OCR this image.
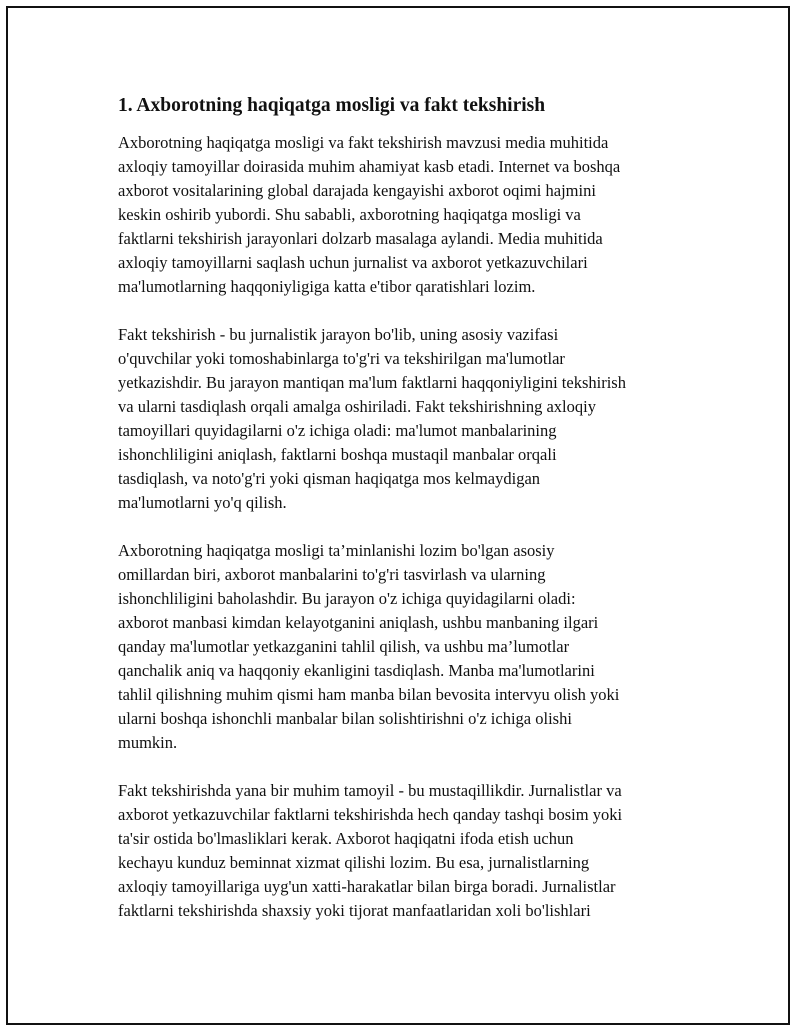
1. Axborotning haqiqatga mosligi va fakt tekshirish
Axborotning haqiqatga mosligi va fakt tekshirish mavzusi media muhitida
axloqiy tamoyillar doirasida muhim ahamiyat kasb etadi. Internet va boshqa
axborot vositalarining global darajada kengayishi axborot oqimi hajmini
keskin oshirib yubordi. Shu sababli, axborotning haqiqatga mosligi va
faktlarni tekshirish jarayonlari dolzarb masalaga aylandi. Media muhitida
axloqiy tamoyillarni saqlash uchun jurnalist va axborot yetkazuvchilari
ma'lumotlarning haqqoniyligiga katta e'tibor qaratishlari lozim.
Fakt tekshirish - bu jurnalistik jarayon bo'lib, uning asosiy vazifasi
o'quvchilar yoki tomoshabinlarga to'g'ri va tekshirilgan ma'lumotlar
yetkazishdir. Bu jarayon mantiqan ma'lum faktlarni haqqoniyligini tekshirish
va ularni tasdiqlash orqali amalga oshiriladi. Fakt tekshirishning axloqiy
tamoyillari quyidagilarni o'z ichiga oladi: ma'lumot manbalarining
ishonchliligini aniqlash, faktlarni boshqa mustaqil manbalar orqali
tasdiqlash, va noto'g'ri yoki qisman haqiqatga mos kelmaydigan
ma'lumotlarni yo'q qilish.
Axborotning haqiqatga mosligi ta’minlanishi lozim bo'lgan asosiy
omillardan biri, axborot manbalarini to'g'ri tasvirlash va ularning
ishonchliligini baholashdir. Bu jarayon o'z ichiga quyidagilarni oladi:
axborot manbasi kimdan kelayotganini aniqlash, ushbu manbaning ilgari
qanday ma'lumotlar yetkazganini tahlil qilish, va ushbu ma’lumotlar
qanchalik aniq va haqqoniy ekanligini tasdiqlash. Manba ma'lumotlarini
tahlil qilishning muhim qismi ham manba bilan bevosita intervyu olish yoki
ularni boshqa ishonchli manbalar bilan solishtirishni o'z ichiga olishi
mumkin.
Fakt tekshirishda yana bir muhim tamoyil - bu mustaqillikdir. Jurnalistlar va
axborot yetkazuvchilar faktlarni tekshirishda hech qanday tashqi bosim yoki
ta'sir ostida bo'lmasliklari kerak. Axborot haqiqatni ifoda etish uchun
kechayu kunduz beminnat xizmat qilishi lozim. Bu esa, jurnalistlarning
axloqiy tamoyillariga uyg'un xatti-harakatlar bilan birga boradi. Jurnalistlar
faktlarni tekshirishda shaxsiy yoki tijorat manfaatlaridan xoli bo'lishlari
